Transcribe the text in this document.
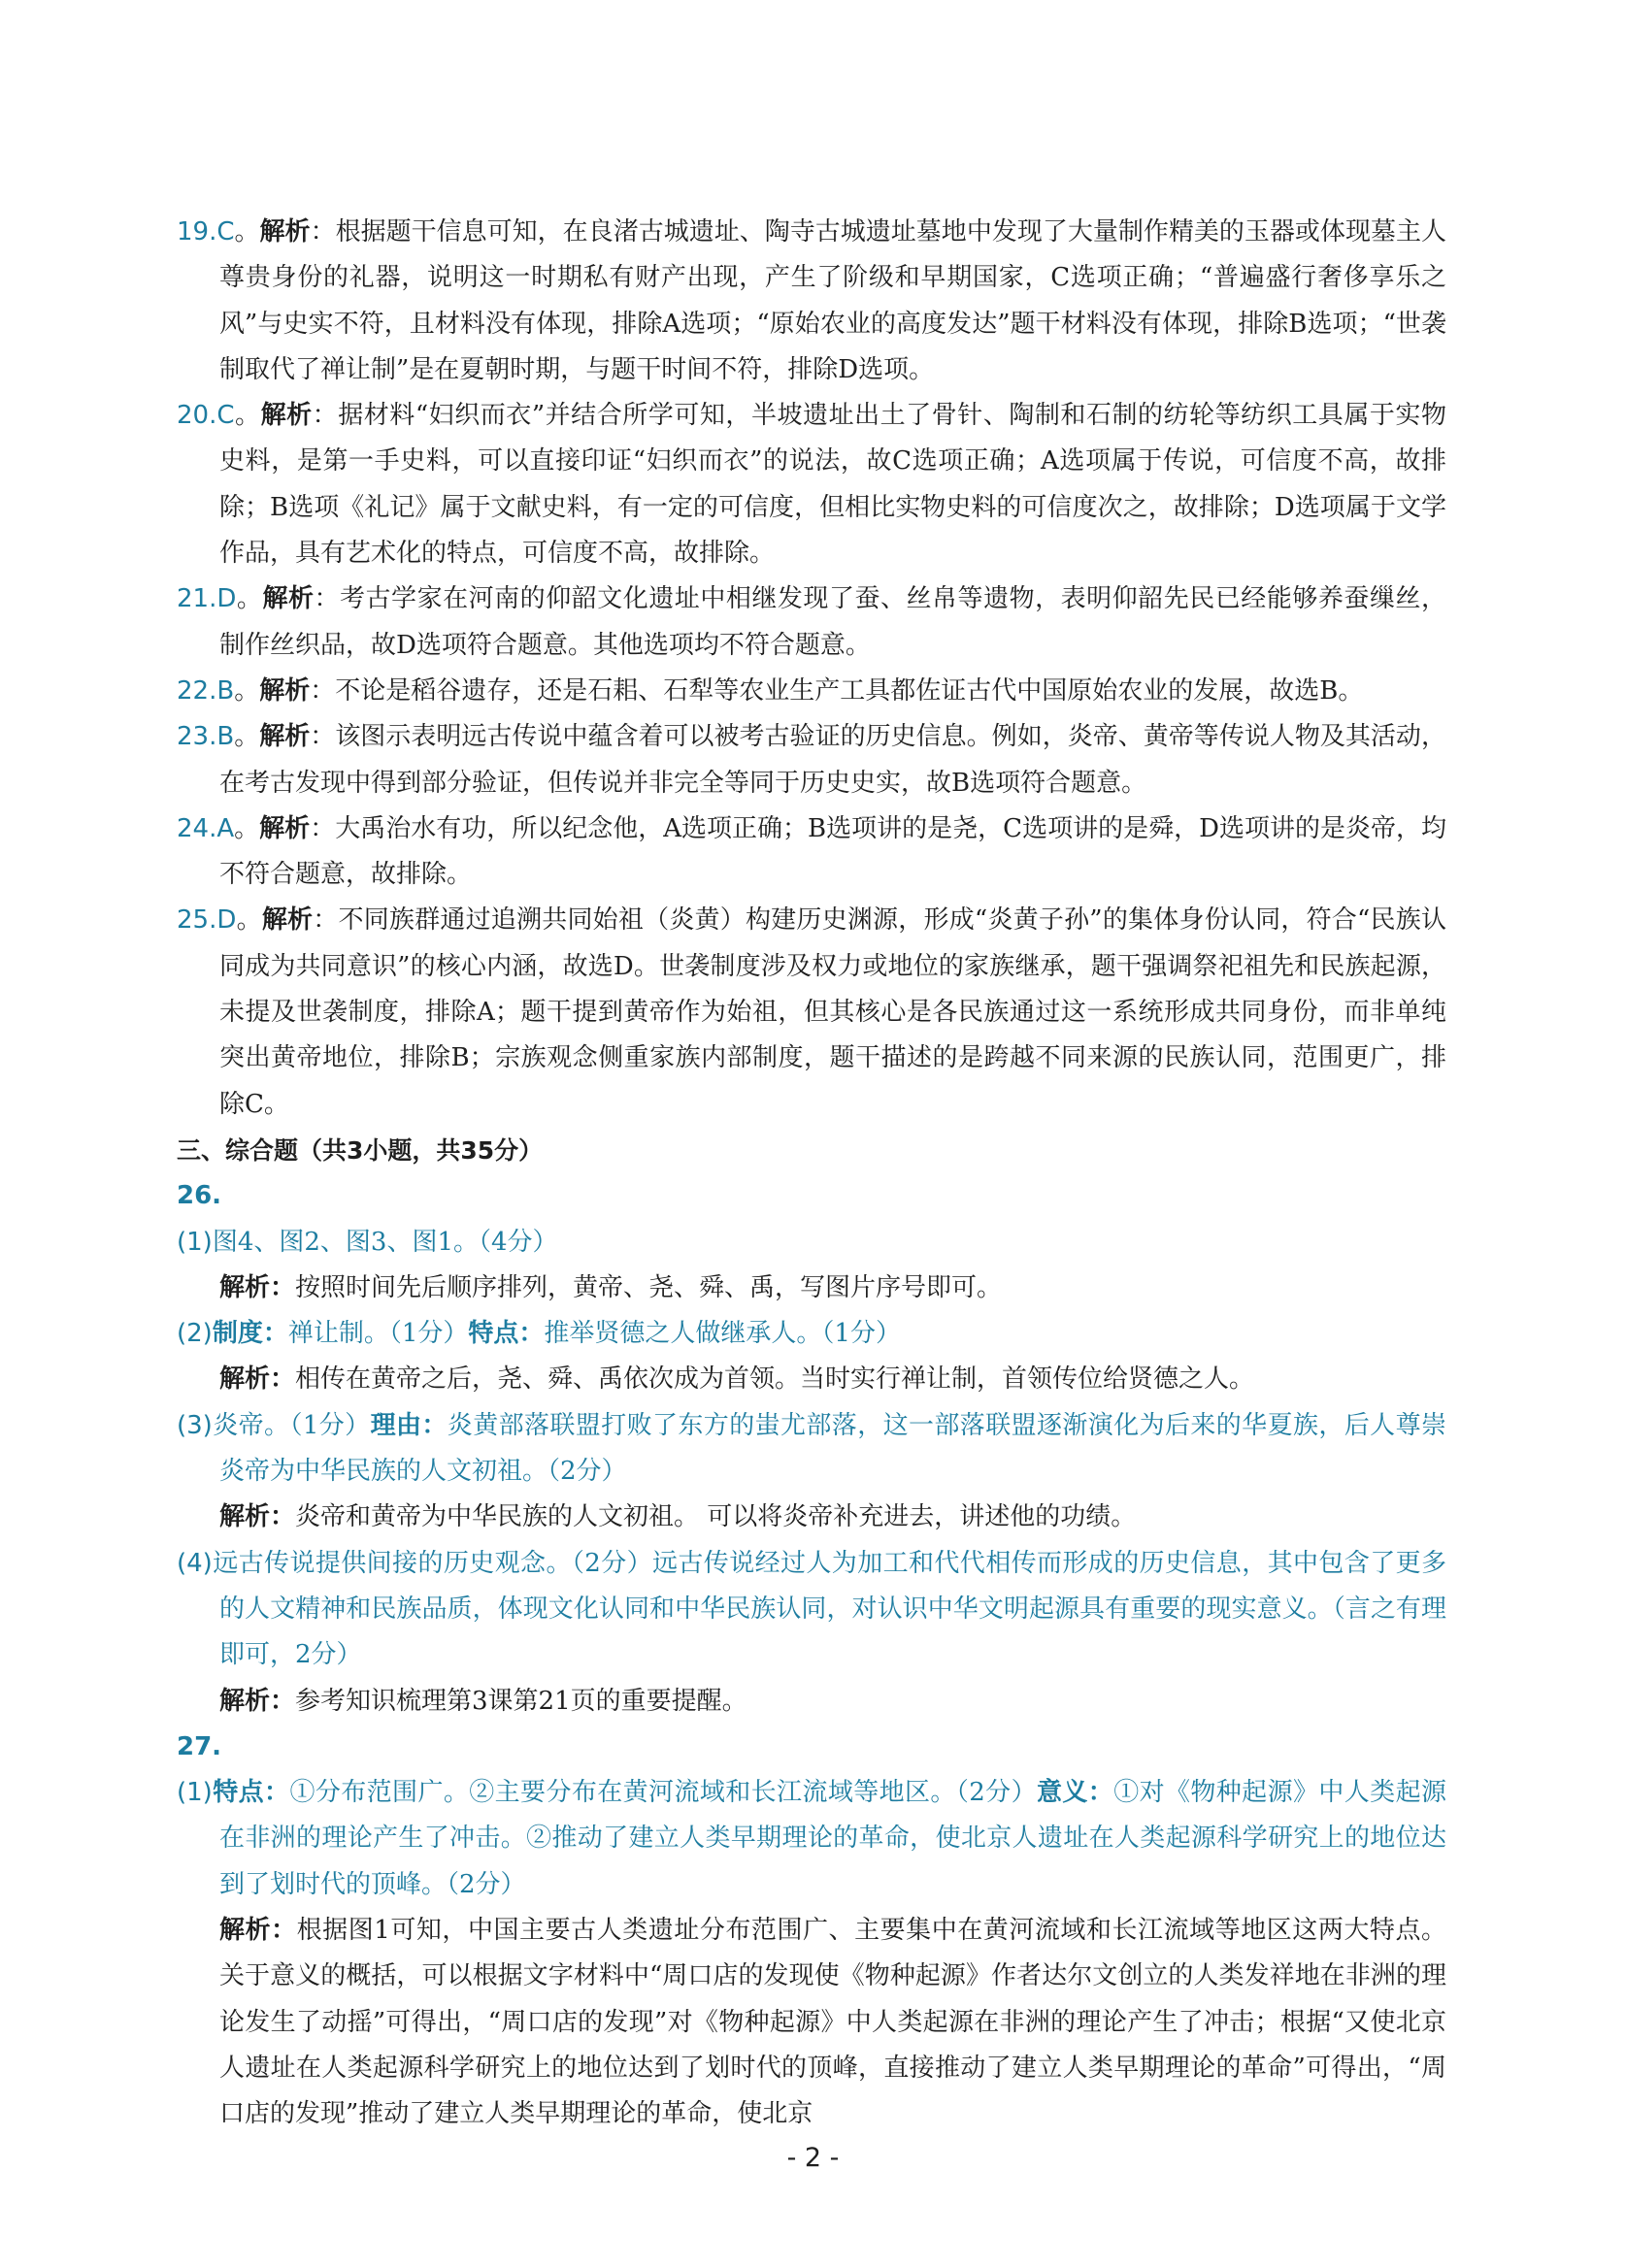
19.C。解析：根据题干信息可知，在良渚古城遗址、陶寺古城遗址墓地中发现了大量制作精美的玉器或体现墓主人尊贵身份的礼器，说明这一时期私有财产出现，产生了阶级和早期国家，C选项正确；“普遍盛行奢侈享乐之风”与史实不符，且材料没有体现，排除A选项；“原始农业的高度发达”题干材料没有体现，排除B选项；“世袭制取代了禅让制”是在夏朝时期，与题干时间不符，排除D选项。

20.C。解析：据材料“妇织而衣”并结合所学可知，半坡遗址出土了骨针、陶制和石制的纺轮等纺织工具属于实物史料，是第一手史料，可以直接印证“妇织而衣”的说法，故C选项正确；A选项属于传说，可信度不高，故排除；B选项《礼记》属于文献史料，有一定的可信度，但相比实物史料的可信度次之，故排除；D选项属于文学作品，具有艺术化的特点，可信度不高，故排除。

21.D。解析：考古学家在河南的仰韶文化遗址中相继发现了蚕、丝帛等遗物，表明仰韶先民已经能够养蚕缫丝，制作丝织品，故D选项符合题意。其他选项均不符合题意。

22.B。解析：不论是稻谷遗存，还是石耜、石犁等农业生产工具都佐证古代中国原始农业的发展，故选B。

23.B。解析：该图示表明远古传说中蕴含着可以被考古验证的历史信息。例如，炎帝、黄帝等传说人物及其活动，在考古发现中得到部分验证，但传说并非完全等同于历史史实，故B选项符合题意。

24.A。解析：大禹治水有功，所以纪念他，A选项正确；B选项讲的是尧，C选项讲的是舜，D选项讲的是炎帝，均不符合题意，故排除。

25.D。解析：不同族群通过追溯共同始祖（炎黄）构建历史渊源，形成“炎黄子孙”的集体身份认同，符合“民族认同成为共同意识”的核心内涵，故选D。世袭制度涉及权力或地位的家族继承，题干强调祭祀祖先和民族起源，未提及世袭制度，排除A；题干提到黄帝作为始祖，但其核心是各民族通过这一系统形成共同身份，而非单纯突出黄帝地位，排除B；宗族观念侧重家族内部制度，题干描述的是跨越不同来源的民族认同，范围更广，排除C。

三、综合题（共3小题，共35分）

26.

(1)图4、图2、图3、图1。（4分）

解析：按照时间先后顺序排列，黄帝、尧、舜、禹，写图片序号即可。

(2)制度：禅让制。（1分）特点：推举贤德之人做继承人。（1分）

解析：相传在黄帝之后，尧、舜、禹依次成为首领。当时实行禅让制，首领传位给贤德之人。

(3)炎帝。（1分）理由：炎黄部落联盟打败了东方的蚩尤部落，这一部落联盟逐渐演化为后来的华夏族，后人尊崇炎帝为中华民族的人文初祖。（2分）

解析：炎帝和黄帝为中华民族的人文初祖。 可以将炎帝补充进去，讲述他的功绩。

(4)远古传说提供间接的历史观念。（2分）远古传说经过人为加工和代代相传而形成的历史信息，其中包含了更多的人文精神和民族品质，体现文化认同和中华民族认同，对认识中华文明起源具有重要的现实意义。（言之有理即可，2分）

解析：参考知识梳理第3课第21页的重要提醒。

27.

(1)特点：①分布范围广。②主要分布在黄河流域和长江流域等地区。（2分）意义：①对《物种起源》中人类起源在非洲的理论产生了冲击。②推动了建立人类早期理论的革命，使北京人遗址在人类起源科学研究上的地位达到了划时代的顶峰。（2分）

解析：根据图1可知，中国主要古人类遗址分布范围广、主要集中在黄河流域和长江流域等地区这两大特点。关于意义的概括，可以根据文字材料中“周口店的发现使《物种起源》作者达尔文创立的人类发祥地在非洲的理论发生了动摇”可得出，“周口店的发现”对《物种起源》中人类起源在非洲的理论产生了冲击；根据“又使北京人遗址在人类起源科学研究上的地位达到了划时代的顶峰，直接推动了建立人类早期理论的革命”可得出，“周口店的发现”推动了建立人类早期理论的革命，使北京

- 2 -
